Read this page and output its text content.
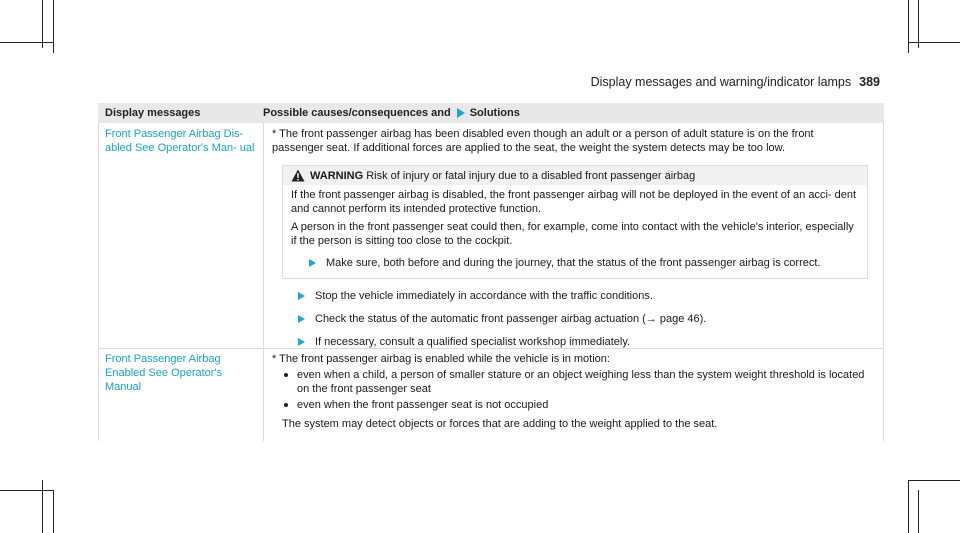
Display messages and warning/indicator lamps 389
Display messages	Possible causes/consequences and Solutions
Front Passenger Airbag Dis- abled See Operator's Man- ual

* The front passenger airbag has been disabled even though an adult or a person of adult stature is on the front passenger seat. If additional forces are applied to the seat, the weight the system detects may be too low.

WARNING
Risk of injury or fatal injury due to a disabled front passenger airbag

If the front passenger airbag is disabled, the front passenger airbag will not be deployed in the event of an acci- dent and cannot perform its intended protective function.

A person in the front passenger seat could then, for example, come into contact with the vehicle's interior, especially if the person is sitting too close to the cockpit.

Make sure, both before and during the journey, that the status of the front passenger airbag is correct.
Stop the vehicle immediately in accordance with the traffic conditions.
Check the status of the automatic front passenger airbag actuation (→ page 46).
If necessary, consult a qualified specialist workshop immediately.
Front Passenger Airbag Enabled See Operator's Manual

* The front passenger airbag is enabled while the vehicle is in motion:

even when a child, a person of smaller stature or an object weighing less than the system weight threshold is located on the front passenger seat
even when the front passenger seat is not occupied

The system may detect objects or forces that are adding to the weight applied to the seat.
